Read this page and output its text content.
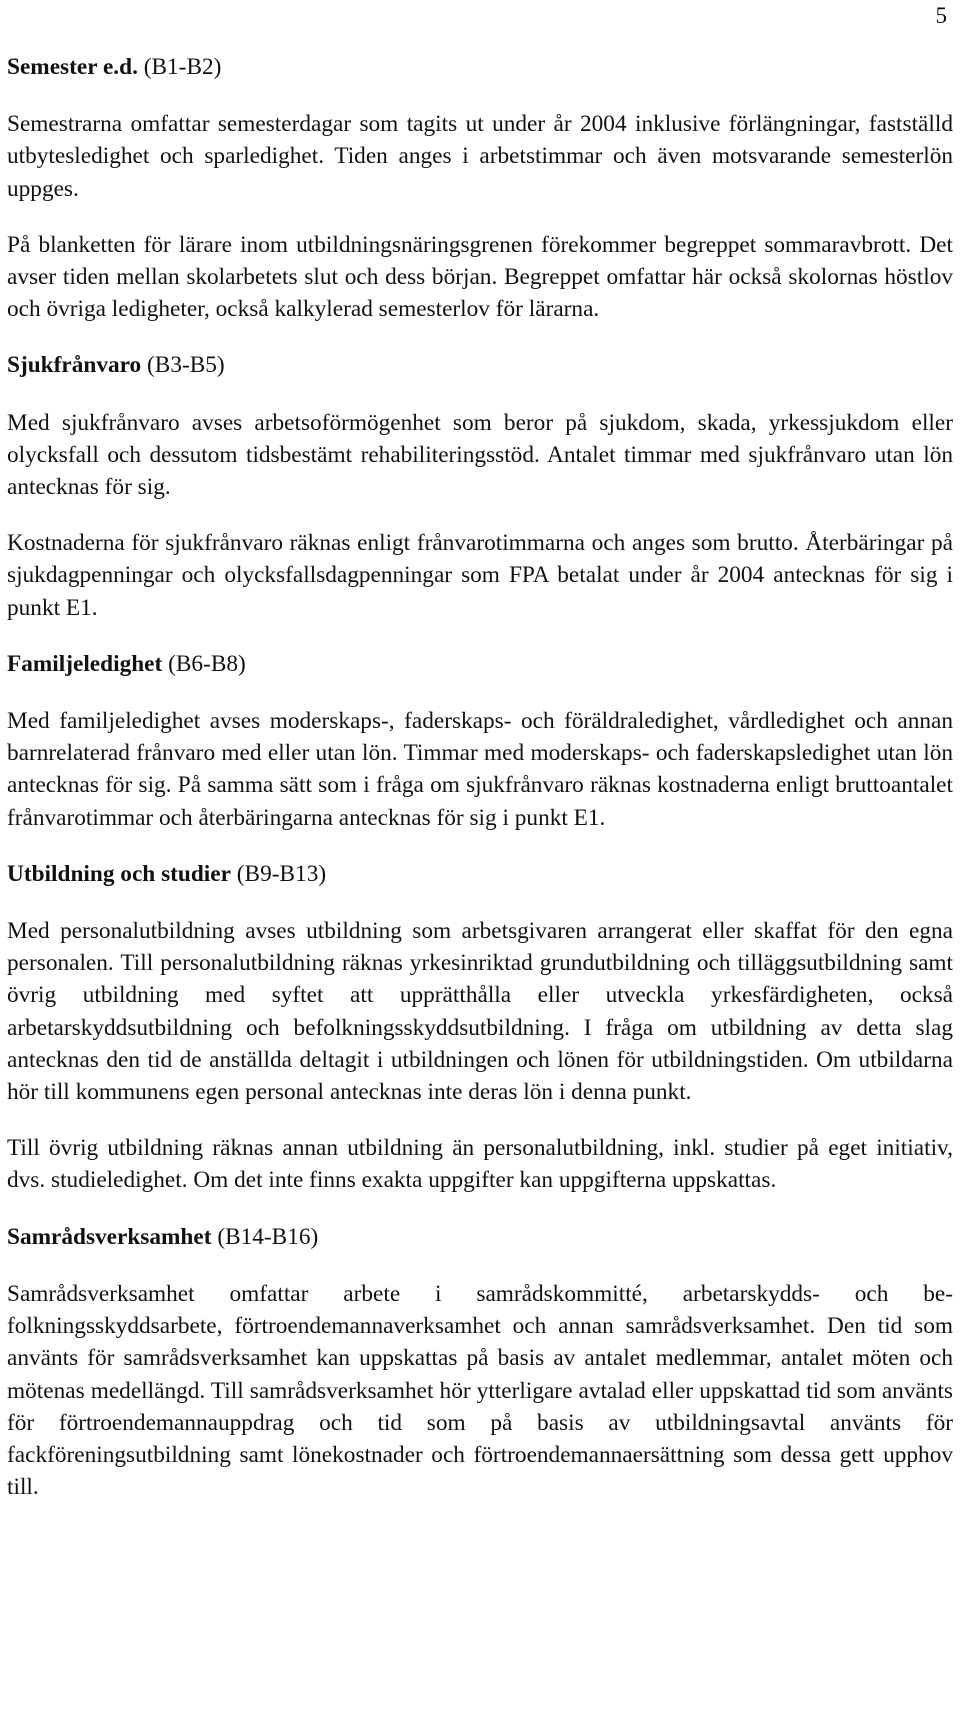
5
Semester e.d. (B1-B2)

Semestrarna omfattar semesterdagar som tagits ut under år 2004 inklusive förlängningar, fastställd utbytesledighet och sparledighet. Tiden anges i arbetstimmar och även motsvarande semesterlön uppges.

På blanketten för lärare inom utbildningsnäringsgrenen förekommer begreppet sommaravbrott. Det avser tiden mellan skolarbetets slut och dess början. Begreppet omfattar här också skolornas höstlov och övriga ledigheter, också kalkylerad semesterlov för lärarna.

Sjukfrånvaro (B3-B5)

Med sjukfrånvaro avses arbetsoförmögenhet som beror på sjukdom, skada, yrkessjukdom eller olycksfall och dessutom tidsbestämt rehabiliteringsstöd. Antalet timmar med sjukfrånvaro utan lön antecknas för sig.

Kostnaderna för sjukfrånvaro räknas enligt frånvarotimmarna och anges som brutto. Återbäringar på sjukdagpenningar och olycksfallsdagpenningar som FPA betalat under år 2004 antecknas för sig i punkt E1.

Familjeledighet (B6-B8)

Med familjeledighet avses moderskaps-, faderskaps- och föräldraledighet, vårdledighet och annan barnrelaterad frånvaro med eller utan lön. Timmar med moderskaps- och faderskapsledighet utan lön antecknas för sig. På samma sätt som i fråga om sjukfrånvaro räknas kostnaderna enligt bruttoantalet frånvarotimmar och återbäringarna antecknas för sig i punkt E1.

Utbildning och studier (B9-B13)

Med personalutbildning avses utbildning som arbetsgivaren arrangerat eller skaffat för den egna personalen. Till personalutbildning räknas yrkesinriktad grundutbildning och tilläggsutbildning samt övrig utbildning med syftet att upprätthålla eller utveckla yrkesfärdigheten, också arbetarskyddsutbildning och befolkningsskyddsutbildning. I fråga om utbildning av detta slag antecknas den tid de anställda deltagit i utbildningen och lönen för utbildningstiden. Om utbildarna hör till kommunens egen personal antecknas inte deras lön i denna punkt.

Till övrig utbildning räknas annan utbildning än personalutbildning, inkl. studier på eget initiativ, dvs. studieledighet. Om det inte finns exakta uppgifter kan uppgifterna uppskattas.

Samrådsverksamhet (B14-B16)

Samrådsverksamhet omfattar arbete i samrådskommitté, arbetarskydds- och befolkningsskyddsarbete, förtroendemannaverksamhet och annan samrådsverksamhet. Den tid som använts för samrådsverksamhet kan uppskattas på basis av antalet medlemmar, antalet möten och mötenas medellängd. Till samrådsverksamhet hör ytterligare avtalad eller uppskattad tid som använts för förtroendemannauppdrag och tid som på basis av utbildningsavtal använts för fackföreningsutbildning samt lönekostnader och förtroendemannaersättning som dessa gett upphov till.
